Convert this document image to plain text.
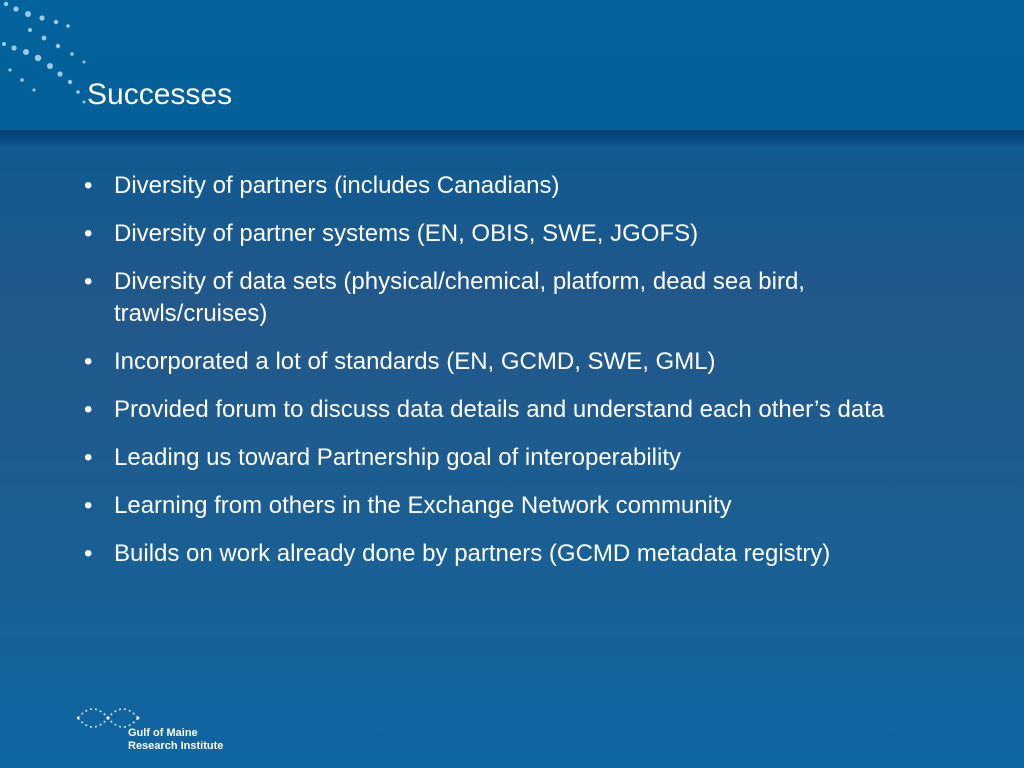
Successes
• Diversity of partners (includes Canadians)
• Diversity of partner systems (EN, OBIS, SWE, JGOFS)
• Diversity of data sets (physical/chemical, platform, dead sea bird, trawls/cruises)
• Incorporated a lot of standards (EN, GCMD, SWE, GML)
• Provided forum to discuss data details and understand each other’s data
• Leading us toward Partnership goal of interoperability
• Learning from others in the Exchange Network community
• Builds on work already done by partners (GCMD metadata registry)
Gulf of Maine
Research Institute
